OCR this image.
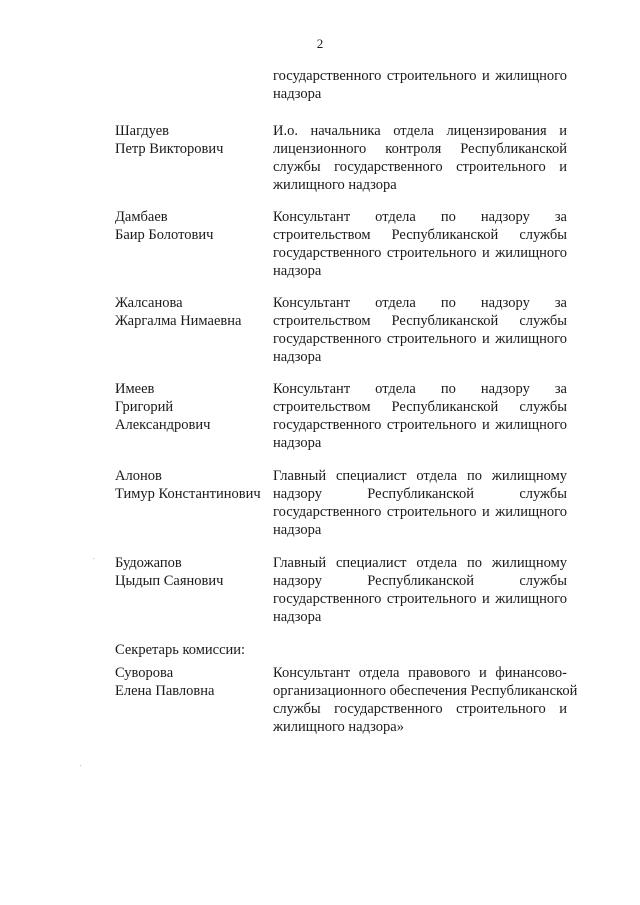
2
государственного строительного и жилищного
надзора
Шагдуев
Петр Викторович
И.о. начальника отдела лицензирования и
лицензионного контроля Республиканской
службы государственного строительного и
жилищного надзора
Дамбаев
Баир Болотович
Консультант отдела по надзору за
строительством Республиканской службы
государственного строительного и жилищного
надзора
Жалсанова
Жаргалма Нимаевна
Консультант отдела по надзору за
строительством Республиканской службы
государственного строительного и жилищного
надзора
Имеев
Григорий
Александрович
Консультант отдела по надзору за
строительством Республиканской службы
государственного строительного и жилищного
надзора
Алонов
Тимур Константинович
Главный специалист отдела по жилищному
надзору Республиканской службы
государственного строительного и жилищного
надзора
Будожапов
Цыдып Саянович
Главный специалист отдела по жилищному
надзору Республиканской службы
государственного строительного и жилищного
надзора
Секретарь комиссии:
Суворова
Елена Павловна
Консультант отдела правового и финансово-
организационного обеспечения Республиканской
службы государственного строительного и
жилищного надзора»
